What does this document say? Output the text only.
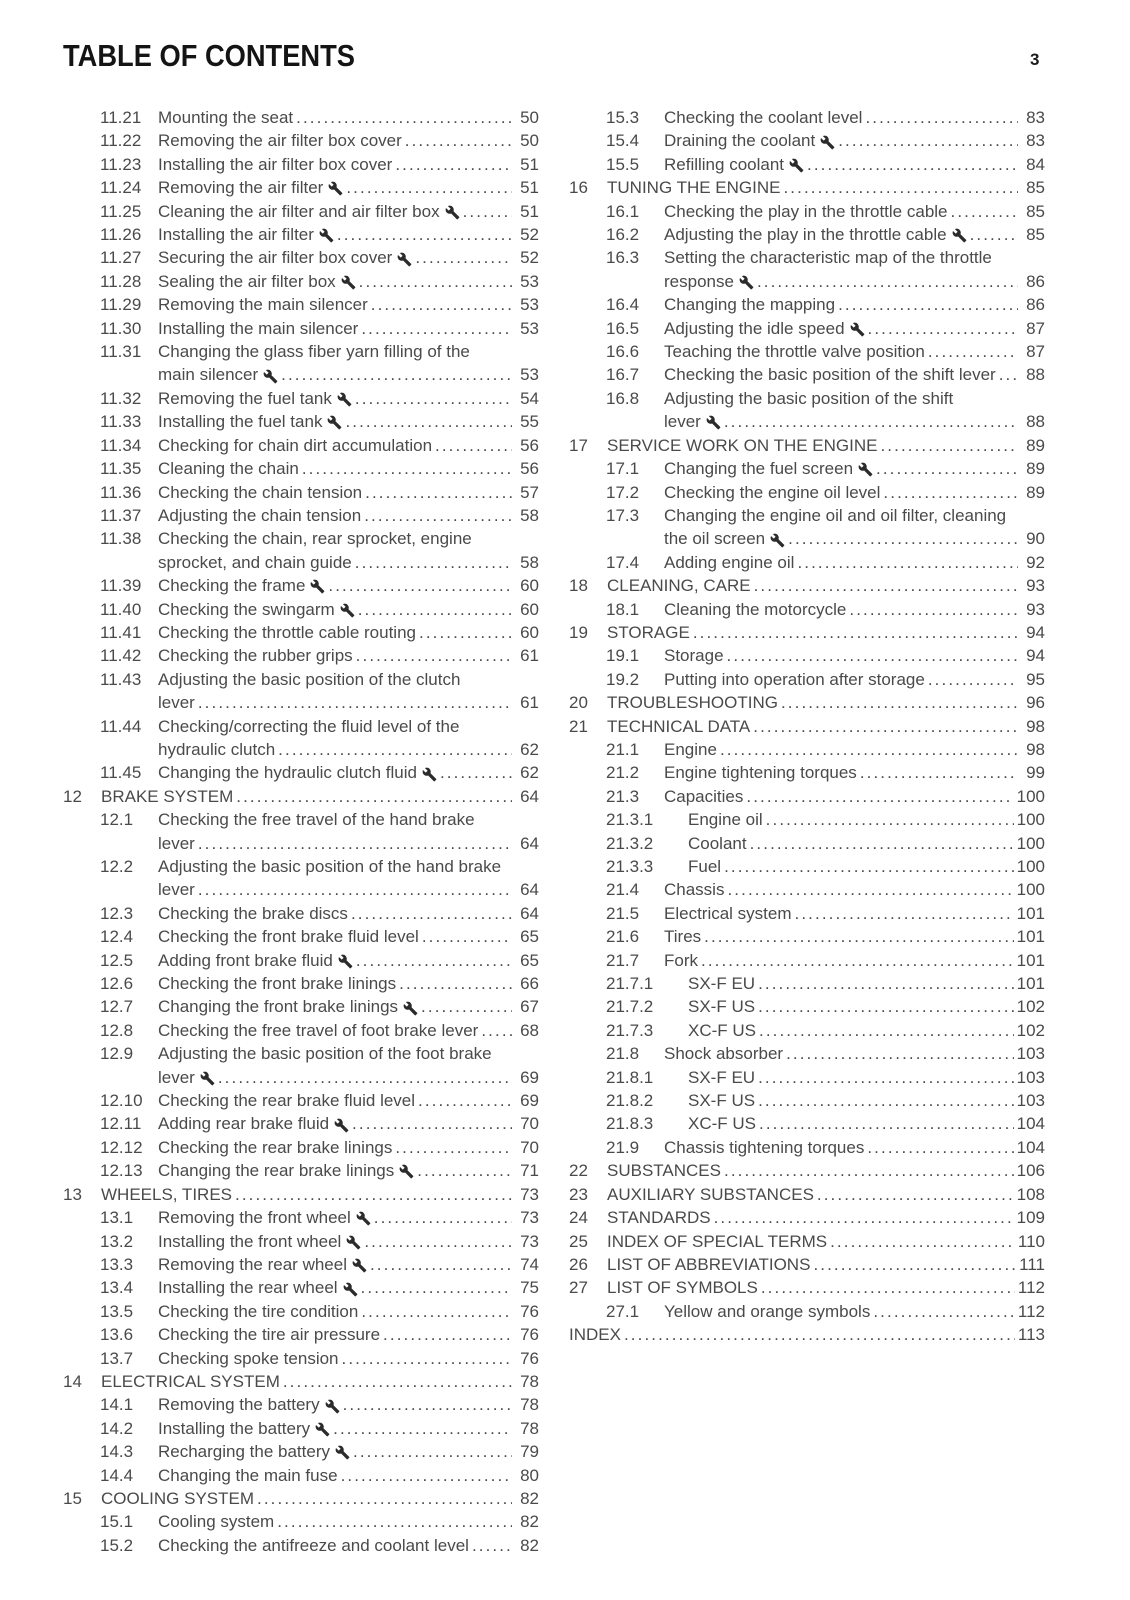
TABLE OF CONTENTS	3
11.21 Mounting the seat .....	50
11.22 Removing the air filter box cover .....	50
11.23 Installing the air filter box cover .....	51
11.24 Removing the air filter .....	51
11.25 Cleaning the air filter and air filter box .....	51
11.26 Installing the air filter .....	52
11.27 Securing the air filter box cover .....	52
11.28 Sealing the air filter box .....	53
11.29 Removing the main silencer .....	53
11.30 Installing the main silencer .....	53
11.31 Changing the glass fiber yarn filling of the
main silencer .....	53
11.32 Removing the fuel tank .....	54
11.33 Installing the fuel tank .....	55
11.34 Checking for chain dirt accumulation .....	56
11.35 Cleaning the chain .....	56
11.36 Checking the chain tension .....	57
11.37 Adjusting the chain tension .....	58
11.38 Checking the chain, rear sprocket, engine
sprocket, and chain guide .....	58
11.39 Checking the frame .....	60
11.40 Checking the swingarm .....	60
11.41 Checking the throttle cable routing .....	60
11.42 Checking the rubber grips .....	61
11.43 Adjusting the basic position of the clutch
lever .....	61
11.44 Checking/correcting the fluid level of the
hydraulic clutch .....	62
11.45 Changing the hydraulic clutch fluid .....	62
12	BRAKE SYSTEM .....	64
12.1	Checking the free travel of the hand brake
lever .....	64
12.2	Adjusting the basic position of the hand brake
lever .....	64
12.3	Checking the brake discs .....	64
12.4	Checking the front brake fluid level .....	65
12.5	Adding front brake fluid .....	65
12.6	Checking the front brake linings .....	66
12.7	Changing the front brake linings .....	67
12.8	Checking the free travel of foot brake lever ..... 68
12.9	Adjusting the basic position of the foot brake
lever .....	69
12.10 Checking the rear brake fluid level .....	69
12.11 Adding rear brake fluid .....	70
12.12 Checking the rear brake linings .....	70
12.13 Changing the rear brake linings .....	71
13	WHEELS, TIRES .....	73
13.1	Removing the front wheel .....	73
13.2	Installing the front wheel .....	73
13.3	Removing the rear wheel .....	74
13.4	Installing the rear wheel .....	75
13.5	Checking the tire condition .....	76
13.6	Checking the tire air pressure .....	76
13.7	Checking spoke tension .....	76
14	ELECTRICAL SYSTEM .....	78
14.1	Removing the battery .....	78
14.2	Installing the battery .....	78
14.3	Recharging the battery .....	79
14.4	Changing the main fuse .....	80
15	COOLING SYSTEM .....	82
15.1	Cooling system .....	82
15.2	Checking the antifreeze and coolant level .....	82
15.3	Checking the coolant level .....	83
15.4	Draining the coolant .....	83
15.5	Refilling coolant .....	84
16	TUNING THE ENGINE .....	85
16.1	Checking the play in the throttle cable .....	85
16.2	Adjusting the play in the throttle cable .....	85
16.3	Setting the characteristic map of the throttle
response .....	86
16.4	Changing the mapping .....	86
16.5	Adjusting the idle speed .....	87
16.6	Teaching the throttle valve position .....	87
16.7	Checking the basic position of the shift lever ..... 88
16.8	Adjusting the basic position of the shift
lever .....	88
17	SERVICE WORK ON THE ENGINE .....	89
17.1	Changing the fuel screen .....	89
17.2	Checking the engine oil level .....	89
17.3	Changing the engine oil and oil filter, cleaning
the oil screen .....	90
17.4	Adding engine oil .....	92
18	CLEANING, CARE .....	93
18.1	Cleaning the motorcycle .....	93
19	STORAGE .....	94
19.1	Storage .....	94
19.2	Putting into operation after storage .....	95
20	TROUBLESHOOTING .....	96
21	TECHNICAL DATA .....	98
21.1	Engine .....	98
21.2	Engine tightening torques .....	99
21.3	Capacities .....	100
21.3.1	Engine oil .....	100
21.3.2	Coolant .....	100
21.3.3	Fuel .....	100
21.4	Chassis .....	100
21.5	Electrical system .....	101
21.6	Tires .....	101
21.7	Fork .....	101
21.7.1	SX-F EU .....	101
21.7.2	SX-F US .....	102
21.7.3	XC-F US .....	102
21.8	Shock absorber .....	103
21.8.1	SX-F EU .....	103
21.8.2	SX-F US .....	103
21.8.3	XC-F US .....	104
21.9	Chassis tightening torques .....	104
22	SUBSTANCES .....	106
23	AUXILIARY SUBSTANCES .....	108
24	STANDARDS .....	109
25	INDEX OF SPECIAL TERMS .....	110
26	LIST OF ABBREVIATIONS .....	111
27	LIST OF SYMBOLS .....	112
27.1	Yellow and orange symbols .....	112
INDEX .....	113
